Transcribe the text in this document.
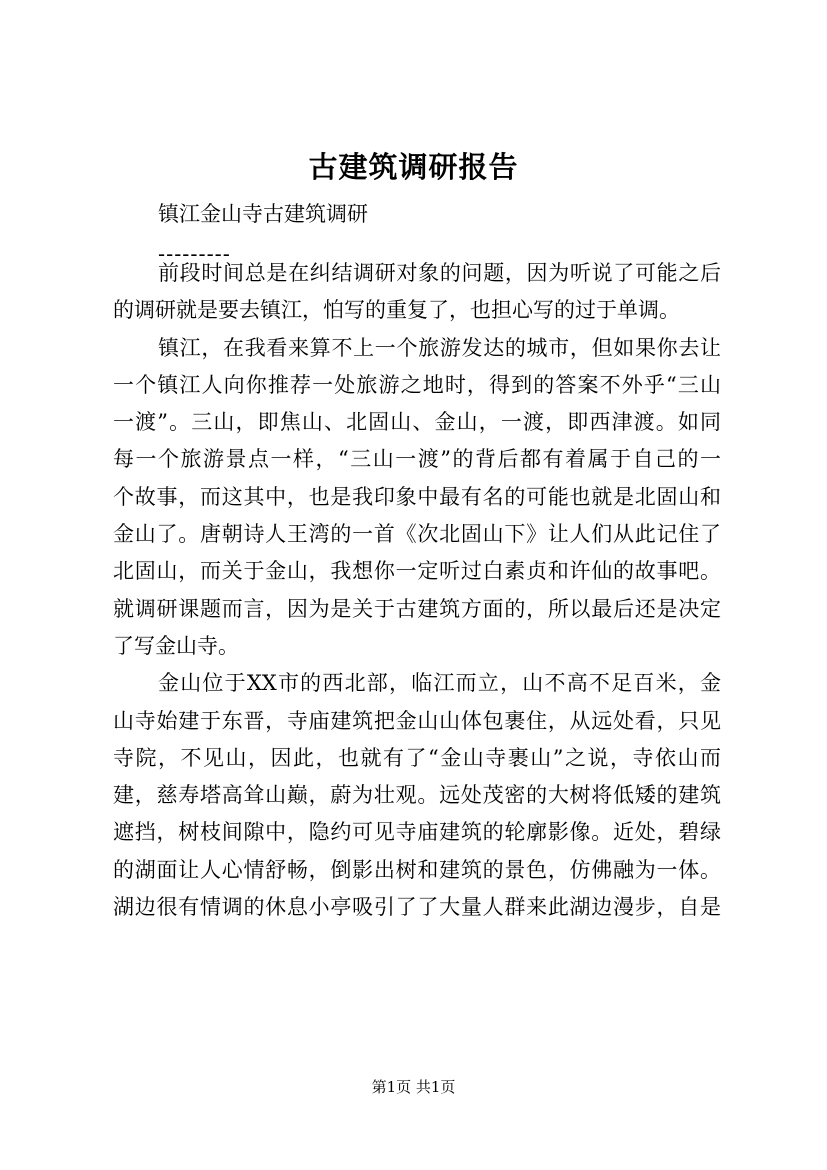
古建筑调研报告

镇江金山寺古建筑调研

---------

前段时间总是在纠结调研对象的问题，因为听说了可能之后
的调研就是要去镇江，怕写的重复了，也担心写的过于单调。

镇江，在我看来算不上一个旅游发达的城市，但如果你去让
一个镇江人向你推荐一处旅游之地时，得到的答案不外乎“三山
一渡”。三山，即焦山、北固山、金山，一渡，即西津渡。如同
每一个旅游景点一样，“三山一渡”的背后都有着属于自己的一
个故事，而这其中，也是我印象中最有名的可能也就是北固山和
金山了。唐朝诗人王湾的一首《次北固山下》让人们从此记住了
北固山，而关于金山，我想你一定听过白素贞和许仙的故事吧。
就调研课题而言，因为是关于古建筑方面的，所以最后还是决定
了写金山寺。

金山位于XX市的西北部，临江而立，山不高不足百米，金
山寺始建于东晋，寺庙建筑把金山山体包裹住，从远处看，只见
寺院，不见山，因此，也就有了“金山寺裹山”之说，寺依山而
建，慈寿塔高耸山巅，蔚为壮观。远处茂密的大树将低矮的建筑
遮挡，树枝间隙中，隐约可见寺庙建筑的轮廓影像。近处，碧绿
的湖面让人心情舒畅，倒影出树和建筑的景色，仿佛融为一体。
湖边很有情调的休息小亭吸引了了大量人群来此湖边漫步，自是

第1页 共1页
